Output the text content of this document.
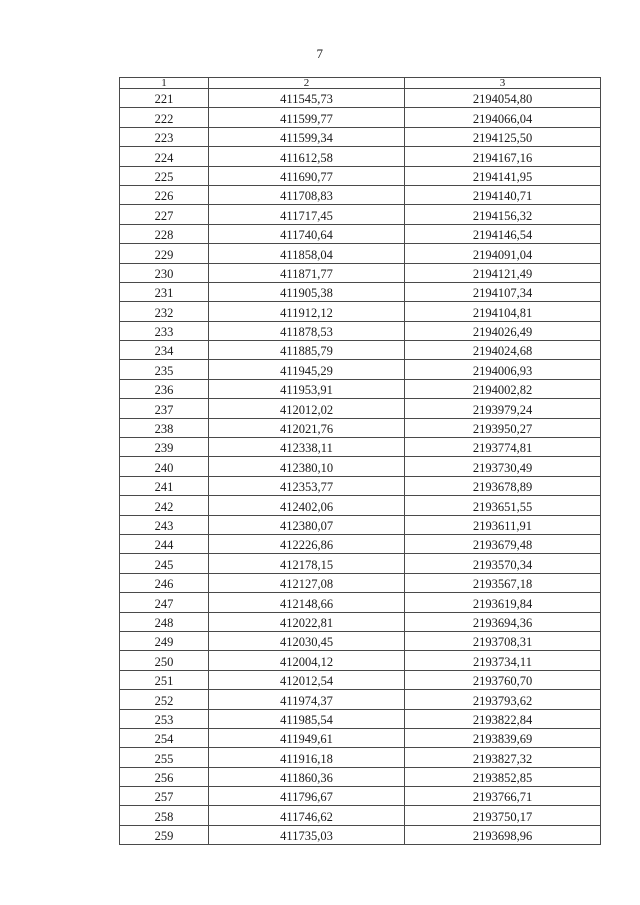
7
1	2	3
221	411545,73	2194054,80
222	411599,77	2194066,04
223	411599,34	2194125,50
224	411612,58	2194167,16
225	411690,77	2194141,95
226	411708,83	2194140,71
227	411717,45	2194156,32
228	411740,64	2194146,54
229	411858,04	2194091,04
230	411871,77	2194121,49
231	411905,38	2194107,34
232	411912,12	2194104,81
233	411878,53	2194026,49
234	411885,79	2194024,68
235	411945,29	2194006,93
236	411953,91	2194002,82
237	412012,02	2193979,24
238	412021,76	2193950,27
239	412338,11	2193774,81
240	412380,10	2193730,49
241	412353,77	2193678,89
242	412402,06	2193651,55
243	412380,07	2193611,91
244	412226,86	2193679,48
245	412178,15	2193570,34
246	412127,08	2193567,18
247	412148,66	2193619,84
248	412022,81	2193694,36
249	412030,45	2193708,31
250	412004,12	2193734,11
251	412012,54	2193760,70
252	411974,37	2193793,62
253	411985,54	2193822,84
254	411949,61	2193839,69
255	411916,18	2193827,32
256	411860,36	2193852,85
257	411796,67	2193766,71
258	411746,62	2193750,17
259	411735,03	2193698,96
